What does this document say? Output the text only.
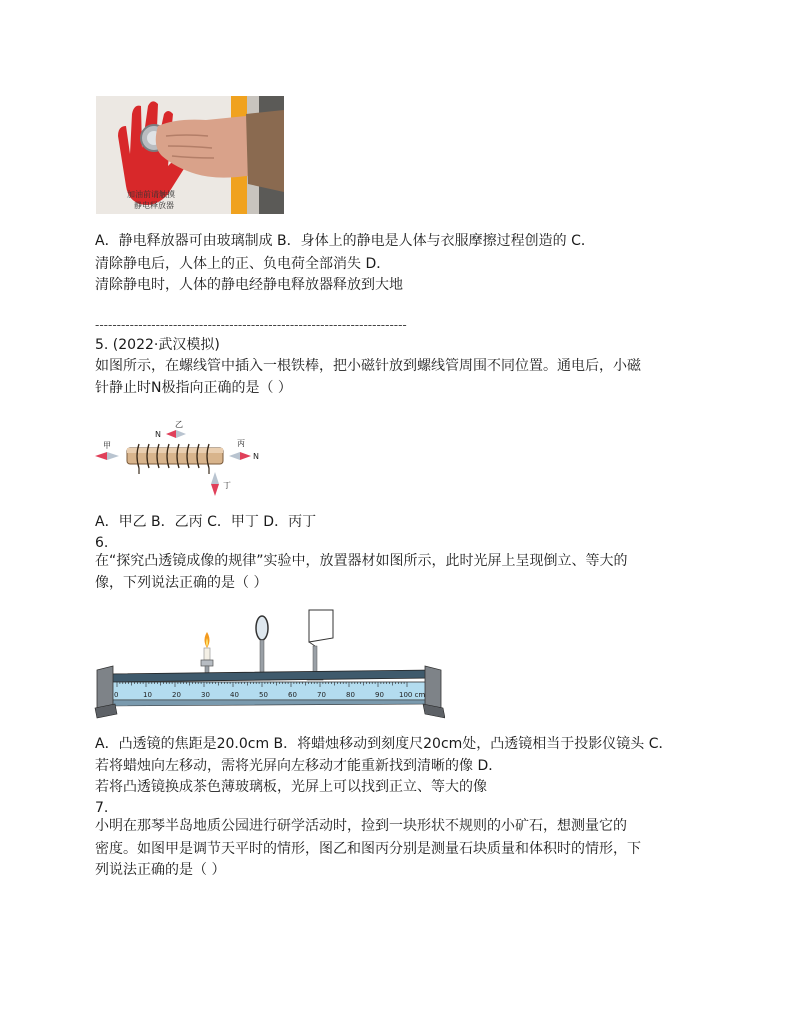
加油前请触摸
静电释放器
A．静电释放器可由玻璃制成 B．身体上的静电是人体与衣服摩擦过程创造的 C．
清除静电后，人体上的正、负电荷全部消失 D．
清除静电时，人体的静电经静电释放器释放到大地
------------------------------------------------------------------------
5. (2022·武汉模拟)
如图所示，在螺线管中插入一根铁棒，把小磁针放到螺线管周围不同位置。通电后，小磁
针静止时N极指向正确的是（ ）
甲
N
乙
N
丙
丁
A．甲乙 B．乙丙 C．甲丁 D．丙丁
6.
在“探究凸透镜成像的规律”实验中，放置器材如图所示，此时光屏上呈现倒立、等大的
像，下列说法正确的是（ ）
0	10	20	30	40	50	60	70	80	90 100 cm
A．凸透镜的焦距是20.0cm B．将蜡烛移动到刻度尺20cm处，凸透镜相当于投影仪镜头 C．
若将蜡烛向左移动，需将光屏向左移动才能重新找到清晰的像 D．
若将凸透镜换成茶色薄玻璃板，光屏上可以找到正立、等大的像
7.
小明在那琴半岛地质公园进行研学活动时，捡到一块形状不规则的小矿石，想测量它的
密度。如图甲是调节天平时的情形，图乙和图丙分别是测量石块质量和体积时的情形，下
列说法正确的是（ ）
